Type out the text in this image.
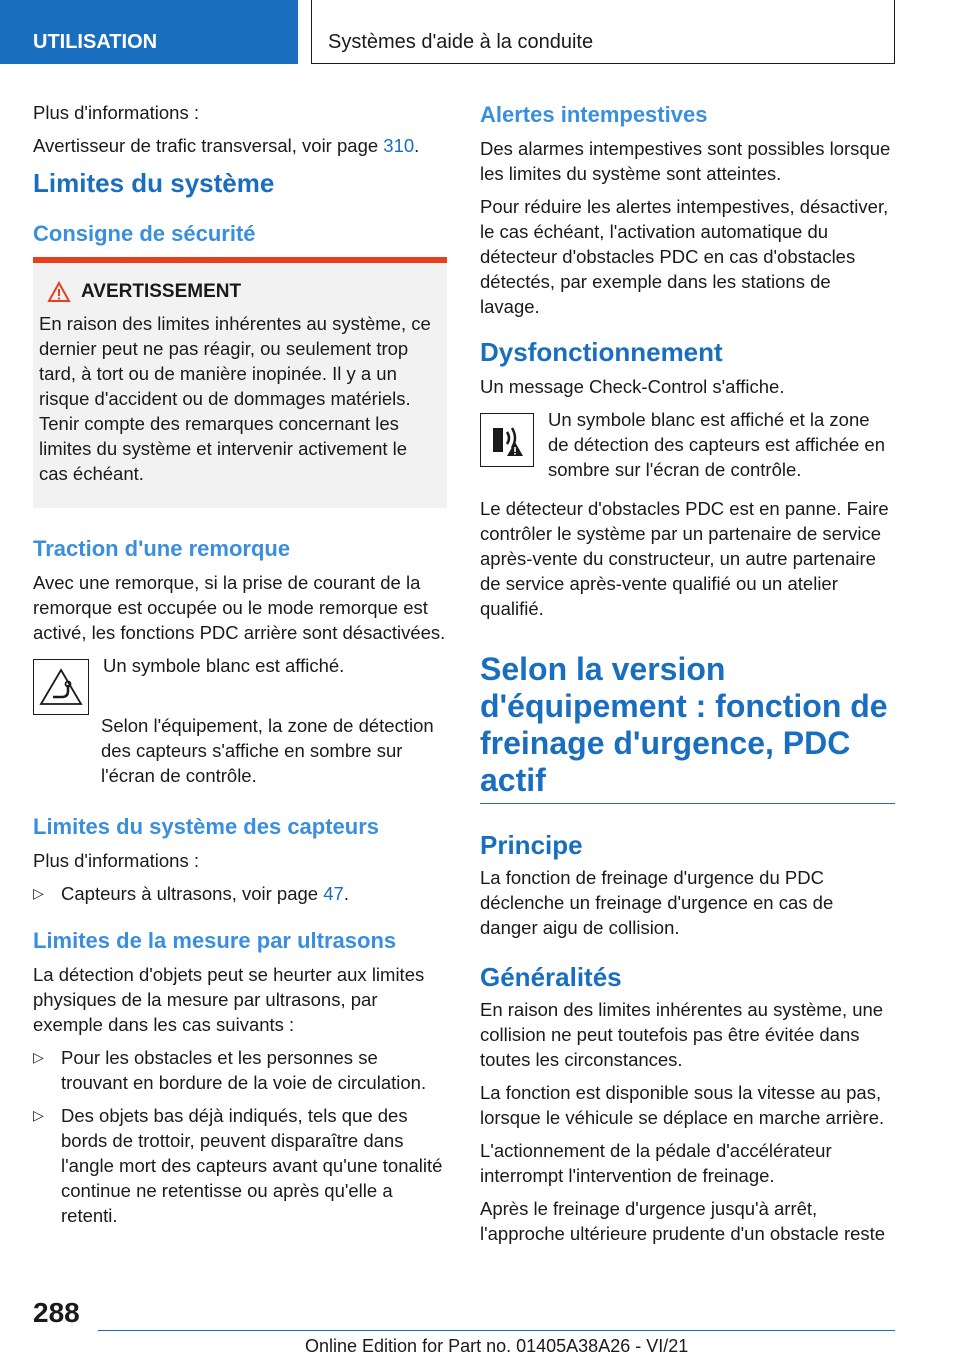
UTILISATION	Systèmes d'aide à la conduite

Plus d'informations :

Avertisseur de trafic transversal, voir page 310.

Limites du système
Consigne de sécurité
AVERTISSEMENT

En raison des limites inhérentes au système, ce dernier peut ne pas réagir, ou seulement trop tard, à tort ou de manière inopinée. Il y a un risque d'accident ou de dommages matériels. Tenir compte des remarques concernant les limites du système et intervenir activement le cas échéant.

Traction d'une remorque

Avec une remorque, si la prise de courant de la remorque est occupée ou le mode remorque est activé, les fonctions PDC arrière sont désactivées.

Un symbole blanc est affiché.

Selon l'équipement, la zone de détection des capteurs s'affiche en sombre sur l'écran de contrôle.

Limites du système des capteurs

Plus d'informations :

▷ Capteurs à ultrasons, voir page 47.
Limites de la mesure par ultrasons

La détection d'objets peut se heurter aux limites physiques de la mesure par ultrasons, par exemple dans les cas suivants :

▷ Pour les obstacles et les personnes se trouvant en bordure de la voie de circulation.
▷ Des objets bas déjà indiqués, tels que des bords de trottoir, peuvent disparaître dans l'angle mort des capteurs avant qu'une tonalité continue ne retentisse ou après qu'elle a retenti.
Alertes intempestives

Des alarmes intempestives sont possibles lorsque les limites du système sont atteintes.

Pour réduire les alertes intempestives, désactiver, le cas échéant, l'activation automatique du détecteur d'obstacles PDC en cas d'obstacles détectés, par exemple dans les stations de lavage.

Dysfonctionnement

Un message Check-Control s'affiche.

Un symbole blanc est affiché et la zone de détection des capteurs est affichée en sombre sur l'écran de contrôle.

Le détecteur d'obstacles PDC est en panne. Faire contrôler le système par un partenaire de service après-vente du constructeur, un autre partenaire de service après-vente qualifié ou un atelier qualifié.

Selon la version d'équipement : fonction de freinage d'urgence, PDC actif
Principe

La fonction de freinage d'urgence du PDC déclenche un freinage d'urgence en cas de danger aigu de collision.

Généralités

En raison des limites inhérentes au système, une collision ne peut toutefois pas être évitée dans toutes les circonstances.

La fonction est disponible sous la vitesse au pas, lorsque le véhicule se déplace en marche arrière.

L'actionnement de la pédale d'accélérateur interrompt l'intervention de freinage.

Après le freinage d'urgence jusqu'à arrêt, l'approche ultérieure prudente d'un obstacle reste

288
Online Edition for Part no. 01405A38A26 - VI/21
